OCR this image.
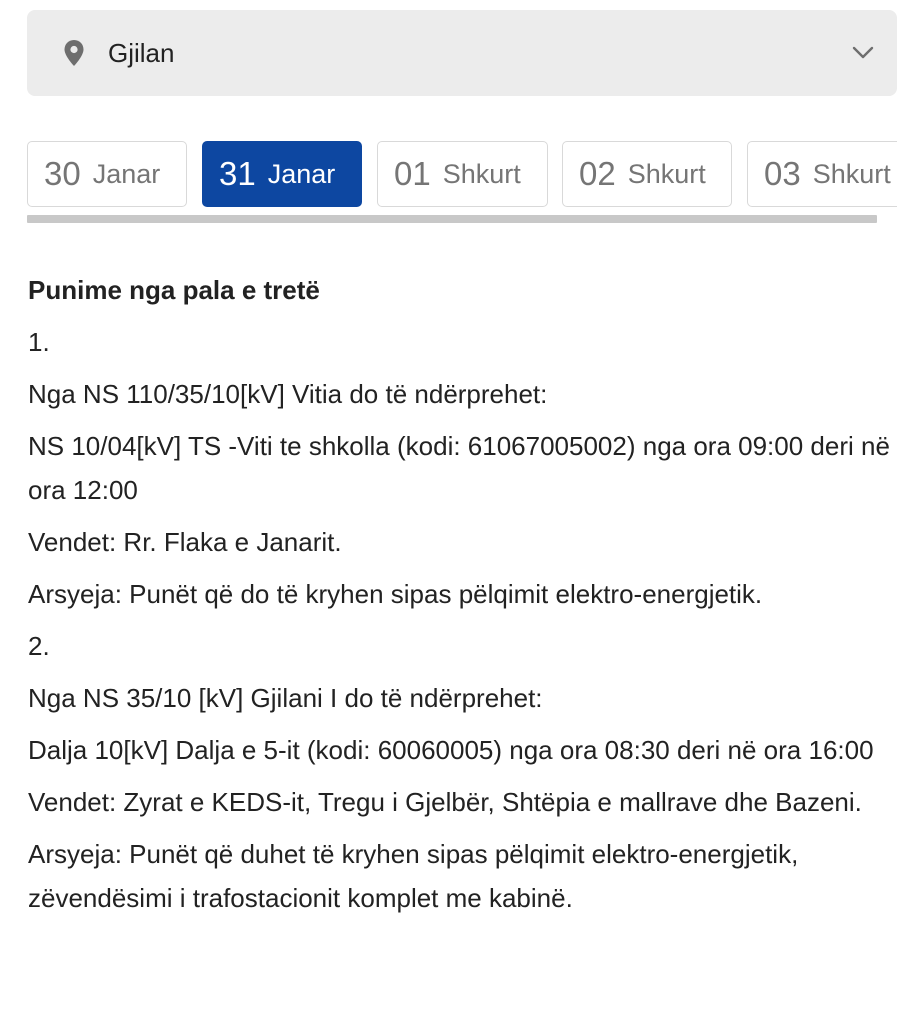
Gjilan
30 Janar 31 Janar 01 Shkurt 02 Shkurt 03 Shkurt

Punime nga pala e tretë

1.

Nga NS 110/35/10[kV] Vitia do të ndërprehet:

NS 10/04[kV] TS -Viti te shkolla (kodi: 61067005002) nga ora 09:00 deri në ora 12:00

Vendet: Rr. Flaka e Janarit.

Arsyeja: Punët që do të kryhen sipas pëlqimit elektro-energjetik.

2.

Nga NS 35/10 [kV] Gjilani I do të ndërprehet:

Dalja 10[kV] Dalja e 5-it (kodi: 60060005) nga ora 08:30 deri në ora 16:00

Vendet: Zyrat e KEDS-it, Tregu i Gjelbër, Shtëpia e mallrave dhe Bazeni.

Arsyeja: Punët që duhet të kryhen sipas pëlqimit elektro-energjetik, zëvendësimi i trafostacionit komplet me kabinë.
